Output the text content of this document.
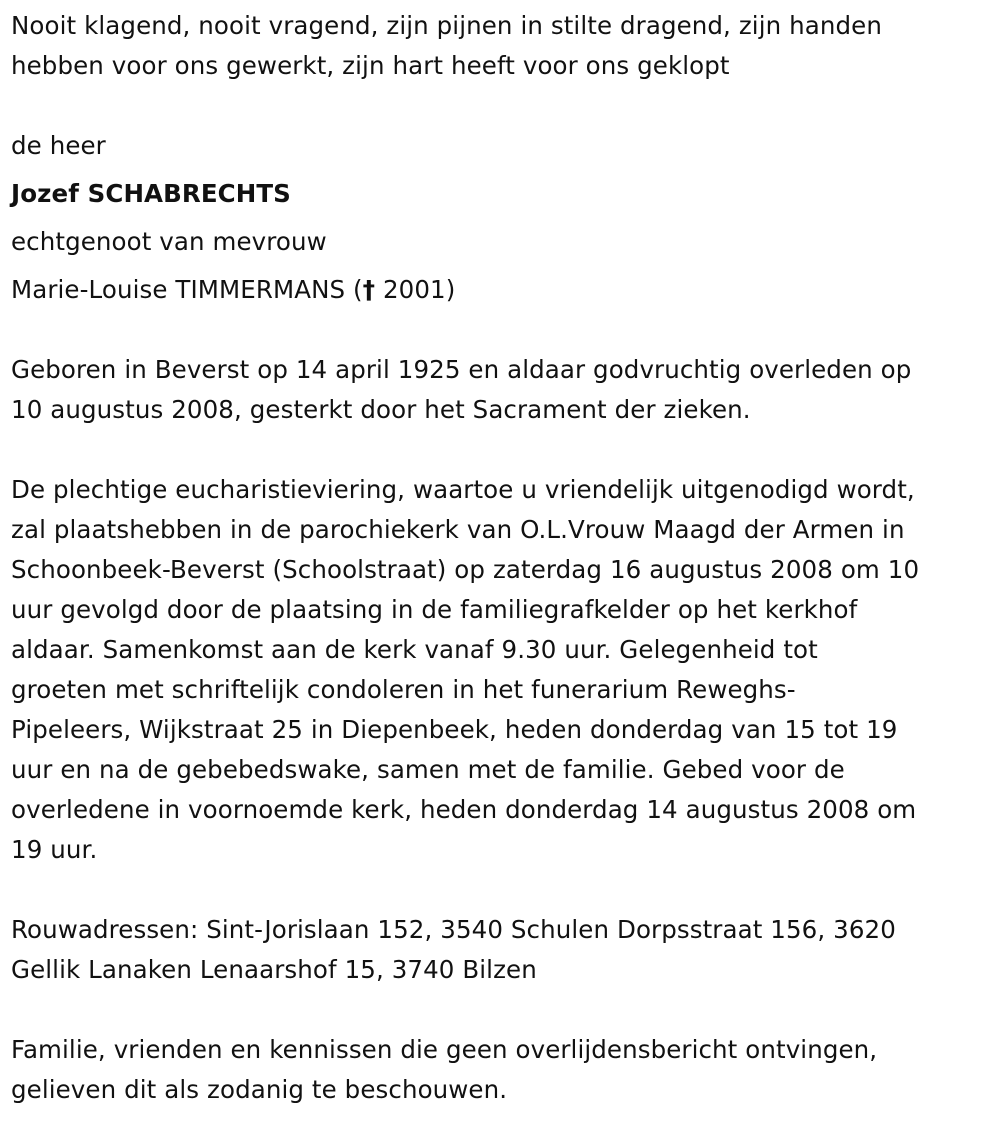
Nooit klagend, nooit vragend, zijn pijnen in stilte dragend, zijn handen
hebben voor ons gewerkt, zijn hart heeft voor ons geklopt

de heer
Jozef SCHABRECHTS
echtgenoot van mevrouw
Marie-Louise TIMMERMANS († 2001)

Geboren in Beverst op 14 april 1925 en aldaar godvruchtig overleden op
10 augustus 2008, gesterkt door het Sacrament der zieken.

De plechtige eucharistieviering, waartoe u vriendelijk uitgenodigd wordt,
zal plaatshebben in de parochiekerk van O.L.Vrouw Maagd der Armen in
Schoonbeek-Beverst (Schoolstraat) op zaterdag 16 augustus 2008 om 10
uur gevolgd door de plaatsing in de familiegrafkelder op het kerkhof
aldaar. Samenkomst aan de kerk vanaf 9.30 uur. Gelegenheid tot
groeten met schriftelijk condoleren in het funerarium Reweghs-
Pipeleers, Wijkstraat 25 in Diepenbeek, heden donderdag van 15 tot 19
uur en na de gebebedswake, samen met de familie. Gebed voor de
overledene in voornoemde kerk, heden donderdag 14 augustus 2008 om
19 uur.

Rouwadressen: Sint-Jorislaan 152, 3540 Schulen Dorpsstraat 156, 3620
Gellik Lanaken Lenaarshof 15, 3740 Bilzen

Familie, vrienden en kennissen die geen overlijdensbericht ontvingen,
gelieven dit als zodanig te beschouwen.
